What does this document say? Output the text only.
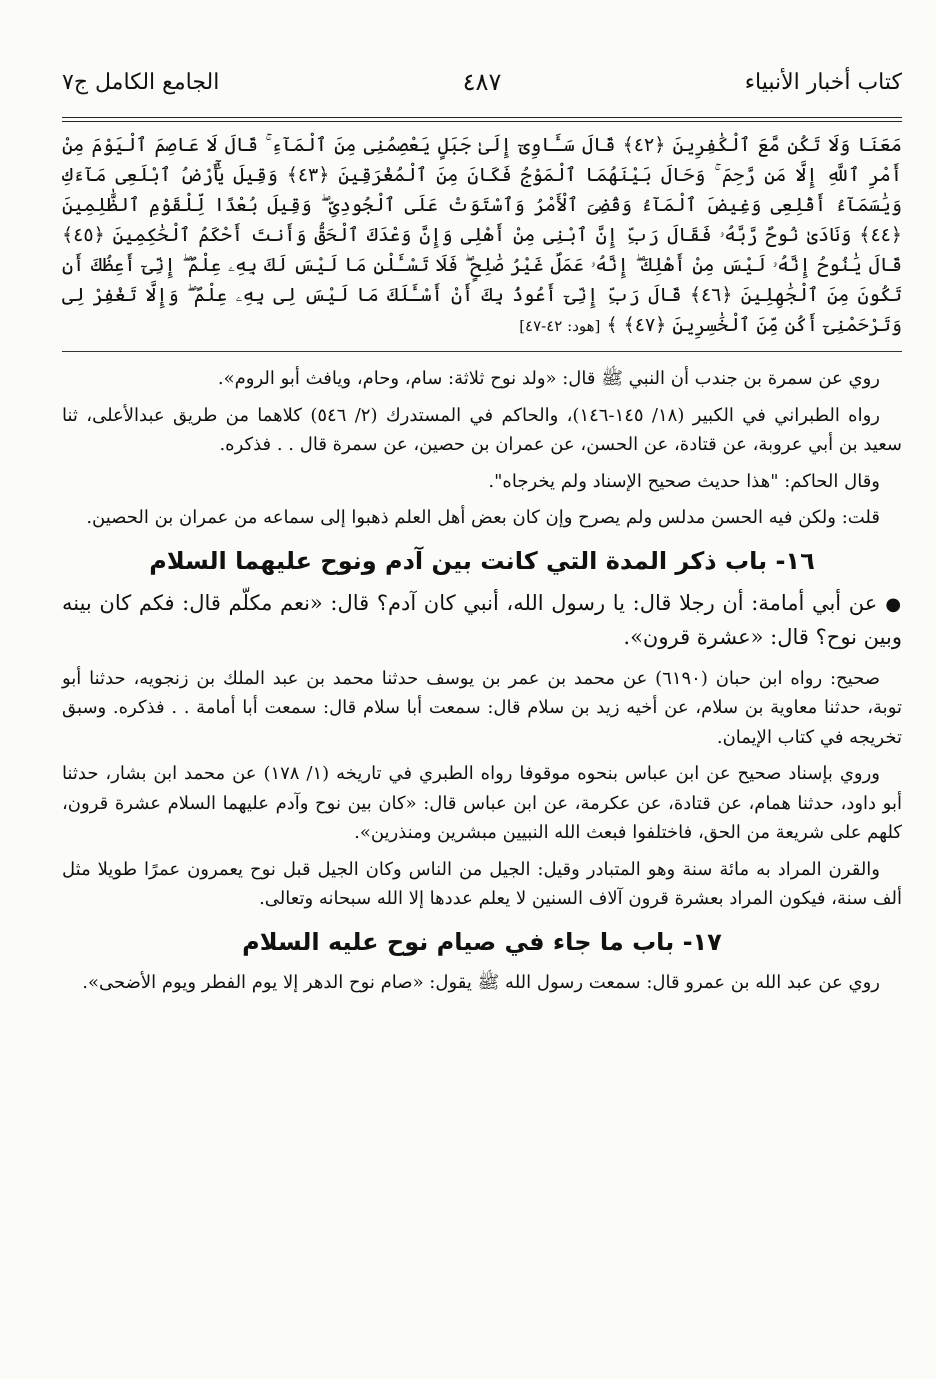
كتاب أخبار الأنبياء
٤٨٧
الجامع الكامل ج٧

مَعَنَا وَلَا تَكُن مَّعَ ٱلْكَٰفِرِينَ ﴿٤٢﴾ قَالَ سَـَٔاوِىٓ إِلَىٰ جَبَلٍ يَعْصِمُنِى مِنَ ٱلْمَآءِ ۚ قَالَ لَا عَاصِمَ ٱلْيَوْمَ مِنْ أَمْرِ ٱللَّهِ إِلَّا مَن رَّحِمَ ۚ وَحَالَ بَيْنَهُمَا ٱلْمَوْجُ فَكَانَ مِنَ ٱلْمُغْرَقِينَ ﴿٤٣﴾ وَقِيلَ يَٰٓأَرْضُ ٱبْلَعِى مَآءَكِ وَيَٰسَمَآءُ أَقْلِعِى وَغِيضَ ٱلْمَآءُ وَقُضِىَ ٱلْأَمْرُ وَٱسْتَوَتْ عَلَى ٱلْجُودِىِّ ۖ وَقِيلَ بُعْدًا لِّلْقَوْمِ ٱلظَّٰلِمِينَ ﴿٤٤﴾ وَنَادَىٰ نُوحٌ رَّبَّهُۥ فَقَالَ رَبِّ إِنَّ ٱبْنِى مِنْ أَهْلِى وَإِنَّ وَعْدَكَ ٱلْحَقُّ وَأَنتَ أَحْكَمُ ٱلْحَٰكِمِينَ ﴿٤٥﴾ قَالَ يَٰنُوحُ إِنَّهُۥ لَيْسَ مِنْ أَهْلِكَ ۖ إِنَّهُۥ عَمَلٌ غَيْرُ صَٰلِحٍ ۖ فَلَا تَسْـَٔلْنِ مَا لَيْسَ لَكَ بِهِۦ عِلْمٌ ۖ إِنِّىٓ أَعِظُكَ أَن تَكُونَ مِنَ ٱلْجَٰهِلِينَ ﴿٤٦﴾ قَالَ رَبِّ إِنِّىٓ أَعُوذُ بِكَ أَنْ أَسْـَٔلَكَ مَا لَيْسَ لِى بِهِۦ عِلْمٌ ۖ وَإِلَّا تَغْفِرْ لِى وَتَرْحَمْنِىٓ أَكُن مِّنَ ٱلْخَٰسِرِينَ ﴿٤٧﴾ ﴾ [هود: ٤٢-٤٧]

روي عن سمرة بن جندب أن النبي ﷺ قال: «ولد نوح ثلاثة: سام، وحام، ويافث أبو الروم».

رواه الطبراني في الكبير (١٨/ ١٤٥-١٤٦)، والحاكم في المستدرك (٢/ ٥٤٦) كلاهما من طريق عبدالأعلى، ثنا سعيد بن أبي عروبة، عن قتادة، عن الحسن، عن عمران بن حصين، عن سمرة قال . . فذكره.

وقال الحاكم: "هذا حديث صحيح الإسناد ولم يخرجاه".

قلت: ولكن فيه الحسن مدلس ولم يصرح وإن كان بعض أهل العلم ذهبوا إلى سماعه من عمران بن الحصين.

١٦- باب ذكر المدة التي كانت بين آدم ونوح عليهما السلام

●عن أبي أمامة: أن رجلا قال: يا رسول الله، أنبي كان آدم؟ قال: «نعم مكلّم قال: فكم كان بينه وبين نوح؟ قال: «عشرة قرون».

صحيح: رواه ابن حبان (٦١٩٠) عن محمد بن عمر بن يوسف حدثنا محمد بن عبد الملك بن زنجويه، حدثنا أبو توبة، حدثنا معاوية بن سلام، عن أخيه زيد بن سلام قال: سمعت أبا سلام قال: سمعت أبا أمامة . . فذكره. وسبق تخريجه في كتاب الإيمان.

وروي بإسناد صحيح عن ابن عباس بنحوه موقوفا رواه الطبري في تاريخه (١/ ١٧٨) عن محمد ابن بشار، حدثنا أبو داود، حدثنا همام، عن قتادة، عن عكرمة، عن ابن عباس قال: «كان بين نوح وآدم عليهما السلام عشرة قرون، كلهم على شريعة من الحق، فاختلفوا فبعث الله النبيين مبشرين ومنذرين».

والقرن المراد به مائة سنة وهو المتبادر وقيل: الجيل من الناس وكان الجيل قبل نوح يعمرون عمرًا طويلا مثل ألف سنة، فيكون المراد بعشرة قرون آلاف السنين لا يعلم عددها إلا الله سبحانه وتعالى.

١٧- باب ما جاء في صيام نوح عليه السلام

روي عن عبد الله بن عمرو قال: سمعت رسول الله ﷺ يقول: «صام نوح الدهر إلا يوم الفطر ويوم الأضحى».
